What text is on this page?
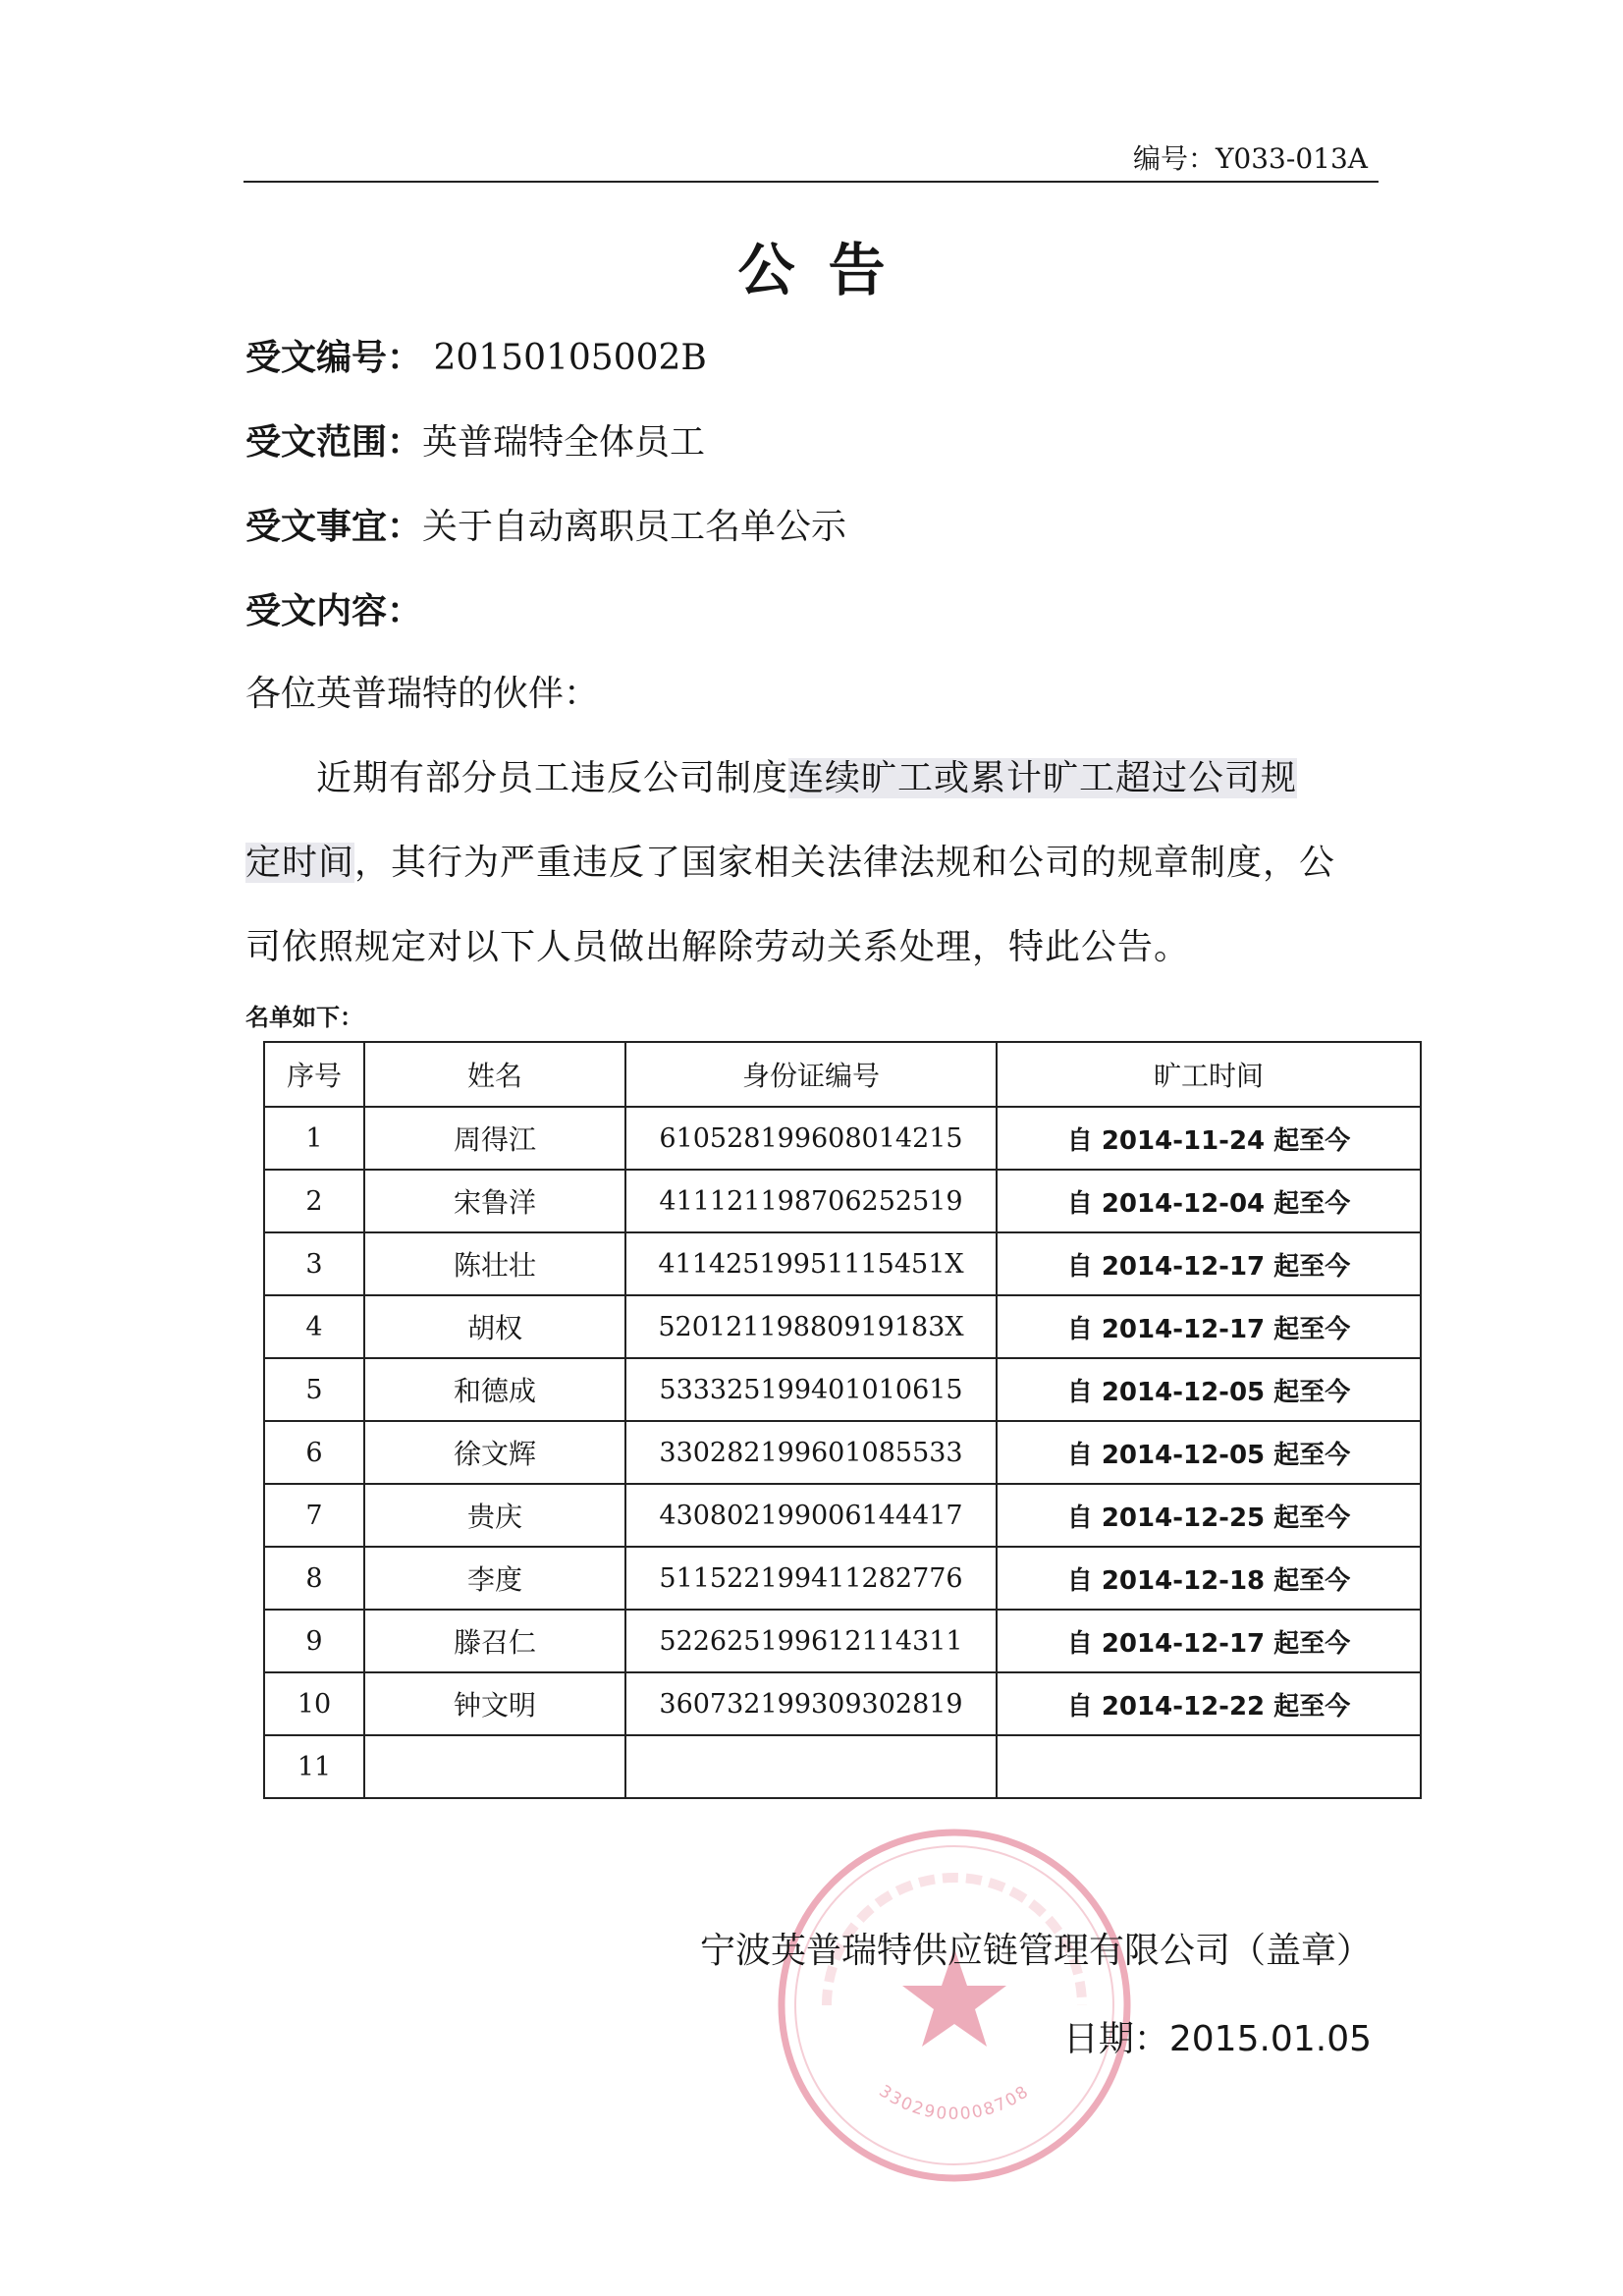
编号：Y033-013A
公告
受文编号： 20150105002B
受文范围：英普瑞特全体员工
受文事宜：关于自动离职员工名单公示
受文内容：
各位英普瑞特的伙伴：
近期有部分员工违反公司制度连续旷工或累计旷工超过公司规
定时间，其行为严重违反了国家相关法律法规和公司的规章制度，公
司依照规定对以下人员做出解除劳动关系处理，特此公告。
名单如下：
序号	姓名	身份证编号	旷工时间
1	周得江	610528199608014215	自 2014-11-24 起至今
2	宋鲁洋	411121198706252519	自 2014-12-04 起至今
3	陈壮壮	41142519951115451X	自 2014-12-17 起至今
4	胡权	52012119880919183X	自 2014-12-17 起至今
5	和德成	533325199401010615	自 2014-12-05 起至今
6	徐文辉	330282199601085533	自 2014-12-05 起至今
7	贵庆	430802199006144417	自 2014-12-25 起至今
8	李度	511522199411282776	自 2014-12-18 起至今
9	滕召仁	522625199612114311	自 2014-12-17 起至今
10	钟文明	360732199309302819	自 2014-12-22 起至今
11			
3302900008708
宁波英普瑞特供应链管理有限公司（盖章）
日期：2015.01.05
